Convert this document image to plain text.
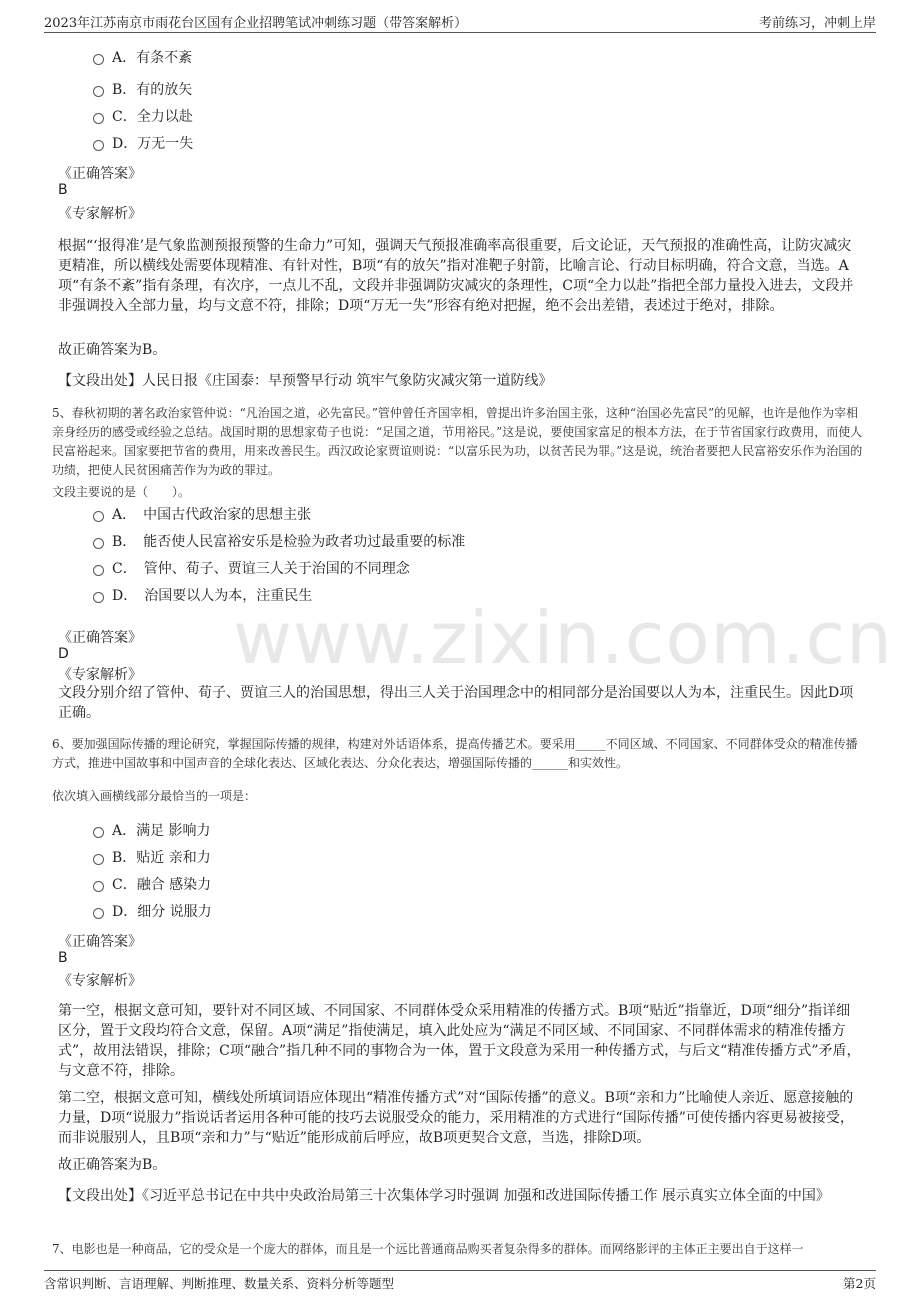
2023年江苏南京市雨花台区国有企业招聘笔试冲刺练习题（带答案解析）	考前练习，冲刺上岸
www.zixin.com.cn
A．有条不紊
B．有的放矢
C．全力以赴
D．万无一失
《正确答案》
B
《专家解析》
根据“‘报得准’是气象监测预报预警的生命力”可知，强调天气预报准确率高很重要，后文论证，天气预报的准确性高，让防灾减灾更精准，所以横线处需要体现精准、有针对性，B项“有的放矢”指对准靶子射箭，比喻言论、行动目标明确，符合文意，当选。A项“有条不紊”指有条理，有次序，一点儿不乱，文段并非强调防灾减灾的条理性，C项“全力以赴”指把全部力量投入进去，文段并非强调投入全部力量，均与文意不符，排除；D项“万无一失”形容有绝对把握，绝不会出差错，表述过于绝对，排除。
故正确答案为B。
【文段出处】人民日报《庄国泰：早预警早行动 筑牢气象防灾减灾第一道防线》
5、春秋初期的著名政治家管仲说：“凡治国之道，必先富民。”管仲曾任齐国宰相，曾提出许多治国主张，这种“治国必先富民”的见解，也许是他作为宰相亲身经历的感受或经验之总结。战国时期的思想家荀子也说：“足国之道，节用裕民。”这是说，要使国家富足的根本方法，在于节省国家行政费用，而使人民富裕起来。国家要把节省的费用，用来改善民生。西汉政论家贾谊则说：“以富乐民为功，以贫苦民为罪。”这是说，统治者要把人民富裕安乐作为治国的功绩，把使人民贫困痛苦作为为政的罪过。
文段主要说的是（　　）。
A．　中国古代政治家的思想主张
B．　能否使人民富裕安乐是检验为政者功过最重要的标准
C．　管仲、荀子、贾谊三人关于治国的不同理念
D．　治国要以人为本，注重民生
《正确答案》
D
《专家解析》
文段分别介绍了管仲、荀子、贾谊三人的治国思想，得出三人关于治国理念中的相同部分是治国要以人为本，注重民生。因此D项正确。
6、要加强国际传播的理论研究，掌握国际传播的规律，构建对外话语体系，提高传播艺术。要采用_____不同区域、不同国家、不同群体受众的精准传播方式，推进中国故事和中国声音的全球化表达、区域化表达、分众化表达，增强国际传播的______和实效性。
依次填入画横线部分最恰当的一项是：
A．满足 影响力
B．贴近 亲和力
C．融合 感染力
D．细分 说服力
《正确答案》
B
《专家解析》
第一空，根据文意可知，要针对不同区域、不同国家、不同群体受众采用精准的传播方式。B项“贴近”指靠近，D项“细分”指详细区分，置于文段均符合文意，保留。A项“满足”指使满足，填入此处应为“满足不同区域、不同国家、不同群体需求的精准传播方式”，故用法错误，排除；C项“融合”指几种不同的事物合为一体，置于文段意为采用一种传播方式，与后文“精准传播方式”矛盾，与文意不符，排除。
第二空，根据文意可知，横线处所填词语应体现出“精准传播方式”对“国际传播”的意义。B项“亲和力”比喻使人亲近、愿意接触的力量，D项“说服力”指说话者运用各种可能的技巧去说服受众的能力，采用精准的方式进行“国际传播”可使传播内容更易被接受，而非说服别人，且B项“亲和力”与“贴近”能形成前后呼应，故B项更契合文意，当选，排除D项。
故正确答案为B。
【文段出处】《习近平总书记在中共中央政治局第三十次集体学习时强调 加强和改进国际传播工作 展示真实立体全面的中国》
7、电影也是一种商品，它的受众是一个庞大的群体，而且是一个远比普通商品购买者复杂得多的群体。而网络影评的主体正主要出自于这样一
含常识判断、言语理解、判断推理、数量关系、资料分析等题型	第2页
